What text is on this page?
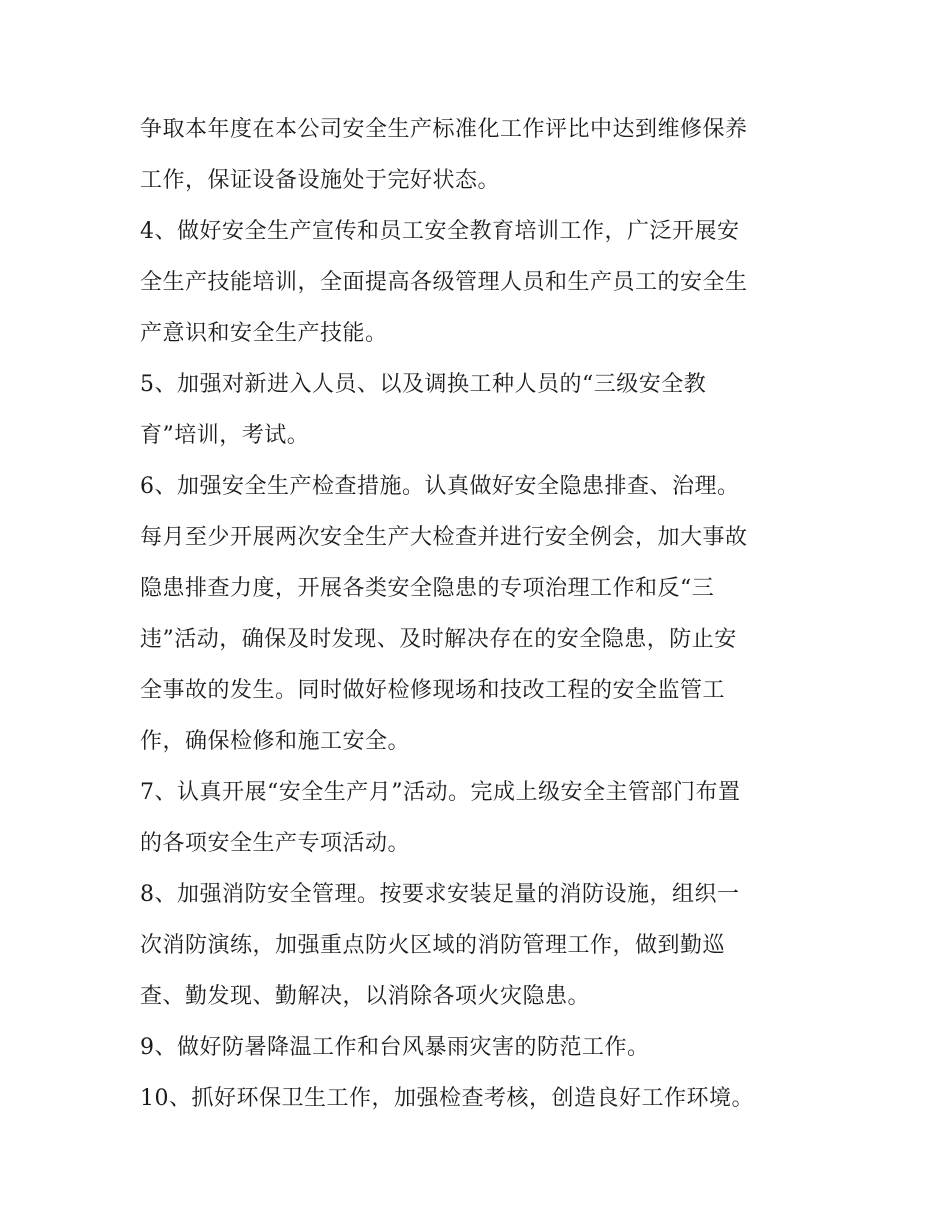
争取本年度在本公司安全生产标准化工作评比中达到维修保养
工作，保证设备设施处于完好状态。
4、做好安全生产宣传和员工安全教育培训工作，广泛开展安
全生产技能培训，全面提高各级管理人员和生产员工的安全生
产意识和安全生产技能。
5、加强对新进入人员、以及调换工种人员的“三级安全教
育”培训，考试。
6、加强安全生产检查措施。认真做好安全隐患排查、治理。
每月至少开展两次安全生产大检查并进行安全例会，加大事故
隐患排查力度，开展各类安全隐患的专项治理工作和反“三
违”活动，确保及时发现、及时解决存在的安全隐患，防止安
全事故的发生。同时做好检修现场和技改工程的安全监管工
作，确保检修和施工安全。
7、认真开展“安全生产月”活动。完成上级安全主管部门布置
的各项安全生产专项活动。
8、加强消防安全管理。按要求安装足量的消防设施，组织一
次消防演练，加强重点防火区域的消防管理工作，做到勤巡
查、勤发现、勤解决，以消除各项火灾隐患。
9、做好防暑降温工作和台风暴雨灾害的防范工作。
10、抓好环保卫生工作，加强检查考核，创造良好工作环境。
